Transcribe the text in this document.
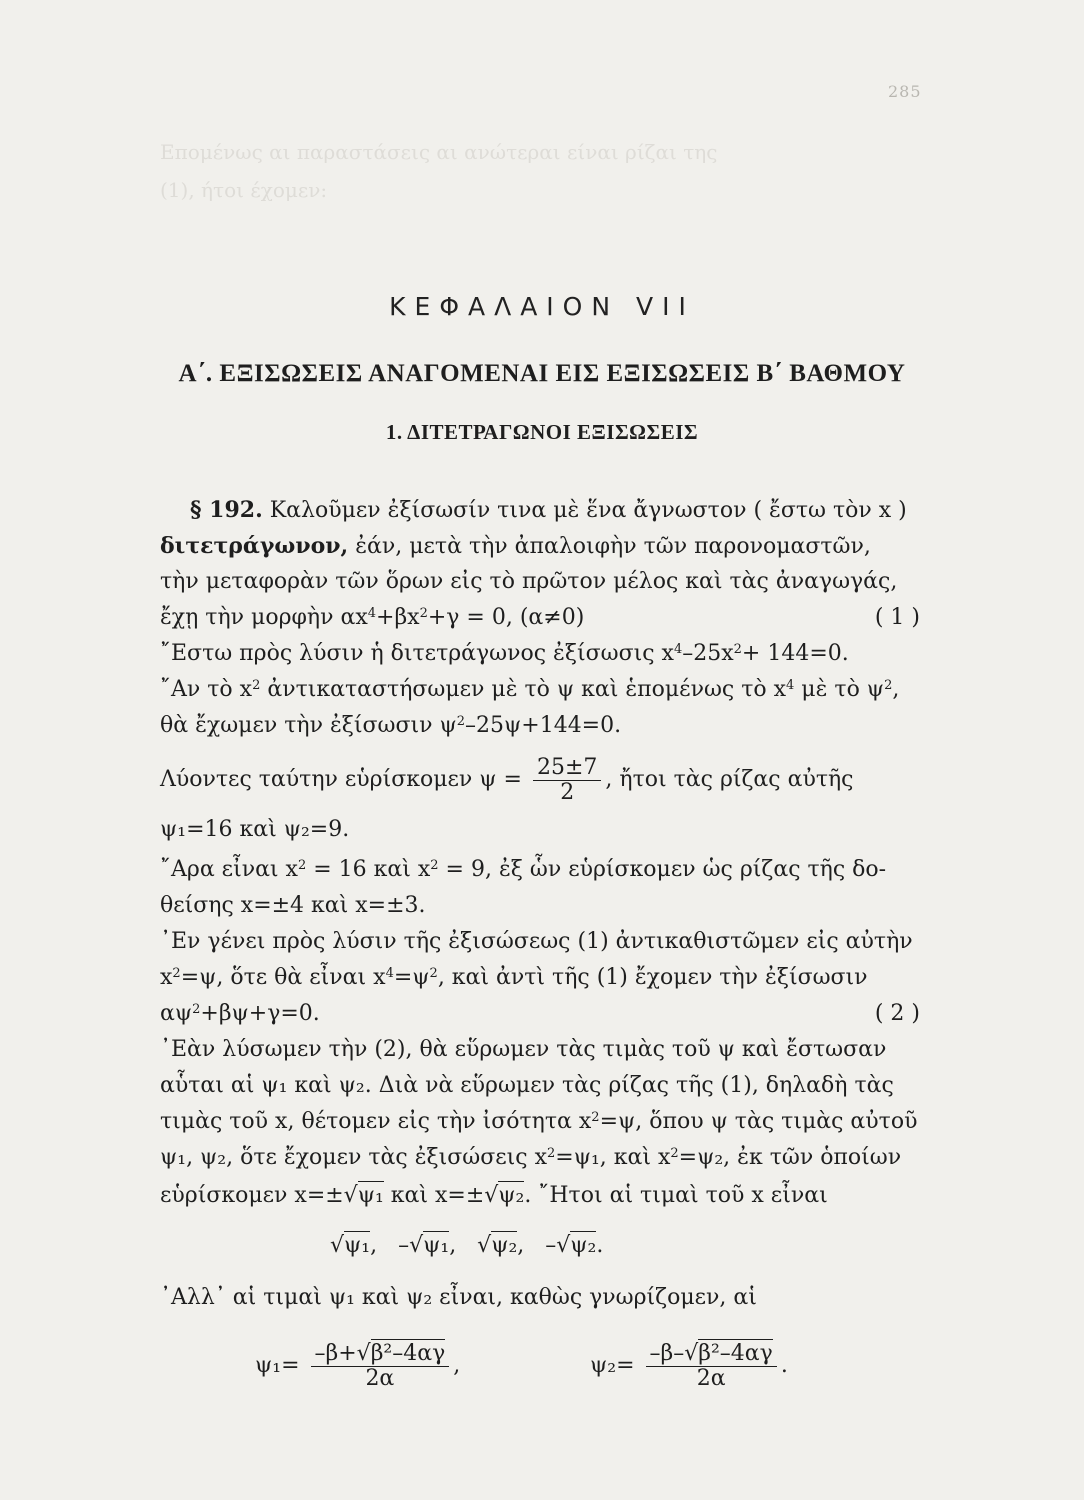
285
Επομένως αι παραστάσεις αι ανώτεραι είναι ρίζαι της
(1), ήτοι έχομεν:
ΚΕΦΑΛΑΙΟΝ VII
Α΄. ΕΞΙΣΩΣΕΙΣ ΑΝΑΓΟΜΕΝΑΙ ΕΙΣ ΕΞΙΣΩΣΕΙΣ Β΄ ΒΑΘΜΟΥ
1. ΔΙΤΕΤΡΑΓΩΝΟΙ ΕΞΙΣΩΣΕΙΣ
§ 192. Καλοῦμεν ἐξίσωσίν τινα μὲ ἕνα ἄγνωστον ( ἔστω τὸν x )
διτετράγωνον, ἐάν, μετὰ τὴν ἀπαλοιφὴν τῶν παρονομαστῶν,
τὴν μεταφορὰν τῶν ὅρων εἰς τὸ πρῶτον μέλος καὶ τὰς ἀναγωγάς,
ἔχῃ τὴν μορφὴν $\alpha x^4+\beta x^2+\gamma = 0$, (α≠0)	( 1 )
῎Εστω πρὸς λύσιν ἡ διτετράγωνος ἐξίσωσις $x^4-25x^2+ 144=0$.
῎Αν τὸ $x^2$ ἀντικαταστήσωμεν μὲ τὸ ψ καὶ ἑπομένως τὸ $x^4$ μὲ τὸ $\psi^2$,
θὰ ἔχωμεν τὴν ἐξίσωσιν $\psi^2-25\psi+144=0$.
Λύοντες ταύτην εὑρίσκομεν $\psi = \frac{25\pm 7}{2}$ , ἤτοι τὰς ρίζας αὐτῆς
ψ₁=16 καὶ ψ₂=9.
῎Αρα εἶναι $x^2 = 16$ καὶ $x^2 = 9$, ἐξ ὧν εὑρίσκομεν ὡς ρίζας τῆς δο-
θείσης x=±4 καὶ x=±3.
᾿Εν γένει πρὸς λύσιν τῆς ἐξισώσεως (1) ἀντικαθιστῶμεν εἰς αὐτὴν
$x^2=\psi$, ὅτε θὰ εἶναι $x^4=\psi^2$, καὶ ἀντὶ τῆς (1) ἔχομεν τὴν ἐξίσωσιν
$\alpha\psi^2+\beta\psi+\gamma=0$.	( 2 )
᾿Εὰν λύσωμεν τὴν (2), θὰ εὕρωμεν τὰς τιμὰς τοῦ ψ καὶ ἔστωσαν
αὗται αἱ ψ₁ καὶ ψ₂. Διὰ νὰ εὕρωμεν τὰς ρίζας τῆς (1), δηλαδὴ τὰς
τιμὰς τοῦ x, θέτομεν εἰς τὴν ἰσότητα $x^2=\psi$, ὅπου ψ τὰς τιμὰς αὐτοῦ
ψ₁, ψ₂, ὅτε ἔχομεν τὰς ἐξισώσεις $x^2=\psi_1$, καὶ $x^2=\psi_2$, ἐκ τῶν ὁποίων
εὑρίσκομεν x=±√ψ₁ καὶ x=±√ψ₂. ῎Ητοι αἱ τιμαὶ τοῦ x εἶναι
√ψ₁,   –√ψ₁,   √ψ₂,   –√ψ₂.
᾿Αλλ᾿ αἱ τιμαὶ ψ₁ καὶ ψ₂ εἶναι, καθὼς γνωρίζομεν, αἱ
$\psi_1= \frac{\text{–β+√β²–4αγ}}{2\alpha}$ ,	$\psi_2= \frac{\text{–β–√β²–4αγ}}{2\alpha}$ .
